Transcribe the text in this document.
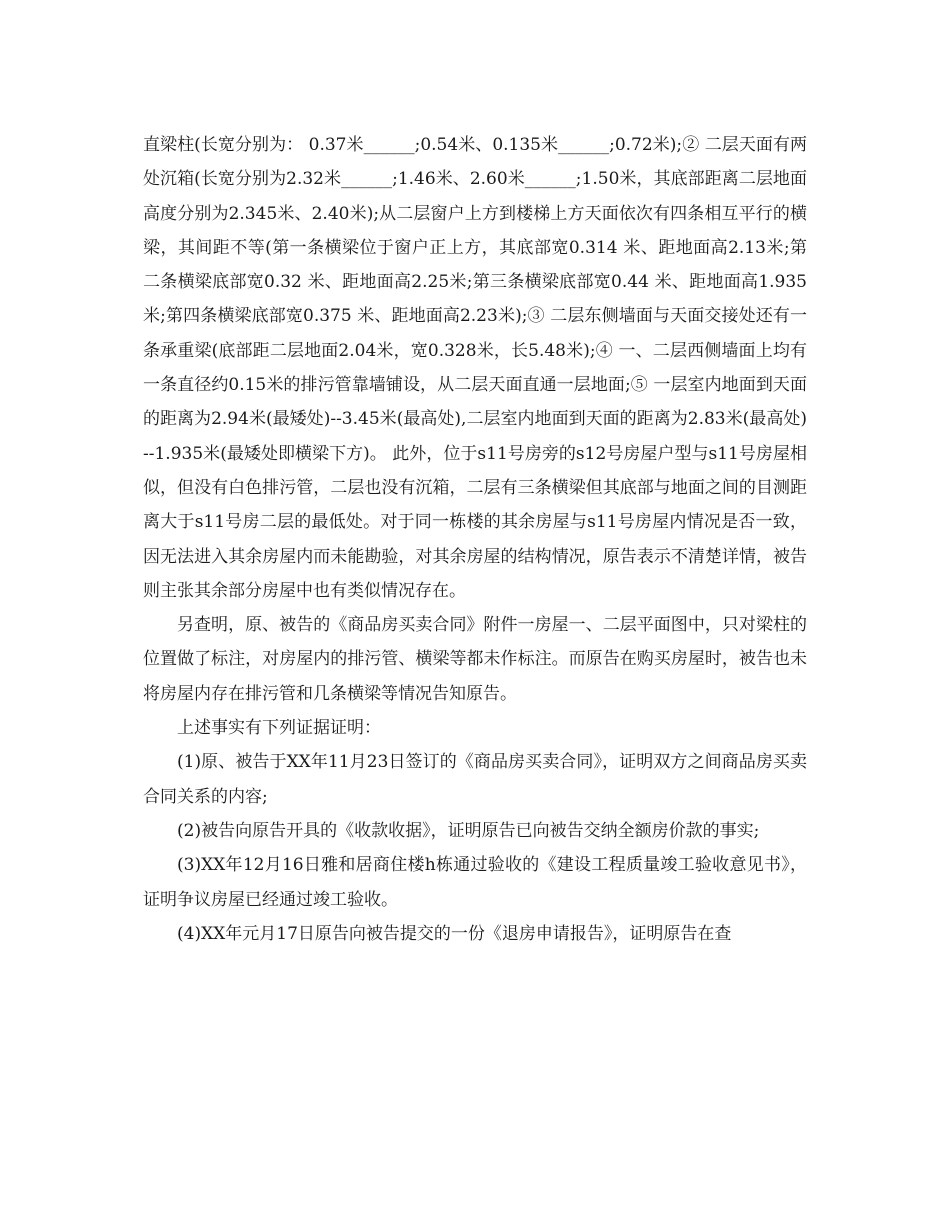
直梁柱(长宽分别为： 0.37米______;0.54米、0.135米______;0.72米);② 二层天面有两处沉箱(长宽分别为2.32米______;1.46米、2.60米______;1.50米，其底部距离二层地面高度分别为2.345米、2.40米);从二层窗户上方到楼梯上方天面依次有四条相互平行的横梁，其间距不等(第一条横梁位于窗户正上方，其底部宽0.314 米、距地面高2.13米;第二条横梁底部宽0.32 米、距地面高2.25米;第三条横梁底部宽0.44 米、距地面高1.935米;第四条横梁底部宽0.375 米、距地面高2.23米);③ 二层东侧墙面与天面交接处还有一条承重梁(底部距二层地面2.04米，宽0.328米，长5.48米);④ 一、二层西侧墙面上均有一条直径约0.15米的排污管靠墙铺设，从二层天面直通一层地面;⑤ 一层室内地面到天面的距离为2.94米(最矮处)--3.45米(最高处),二层室内地面到天面的距离为2.83米(最高处)--1.935米(最矮处即横梁下方)。 此外，位于s11号房旁的s12号房屋户型与s11号房屋相似，但没有白色排污管，二层也没有沉箱，二层有三条横梁但其底部与地面之间的目测距离大于s11号房二层的最低处。对于同一栋楼的其余房屋与s11号房屋内情况是否一致，因无法进入其余房屋内而未能勘验，对其余房屋的结构情况，原告表示不清楚详情，被告则主张其余部分房屋中也有类似情况存在。

另查明，原、被告的《商品房买卖合同》附件一房屋一、二层平面图中，只对梁柱的位置做了标注，对房屋内的排污管、横梁等都未作标注。而原告在购买房屋时，被告也未将房屋内存在排污管和几条横梁等情况告知原告。

上述事实有下列证据证明：

(1)原、被告于XX年11月23日签订的《商品房买卖合同》，证明双方之间商品房买卖合同关系的内容;

(2)被告向原告开具的《收款收据》，证明原告已向被告交纳全额房价款的事实;

(3)XX年12月16日雅和居商住楼h栋通过验收的《建设工程质量竣工验收意见书》，证明争议房屋已经通过竣工验收。

(4)XX年元月17日原告向被告提交的一份《退房申请报告》，证明原告在查
